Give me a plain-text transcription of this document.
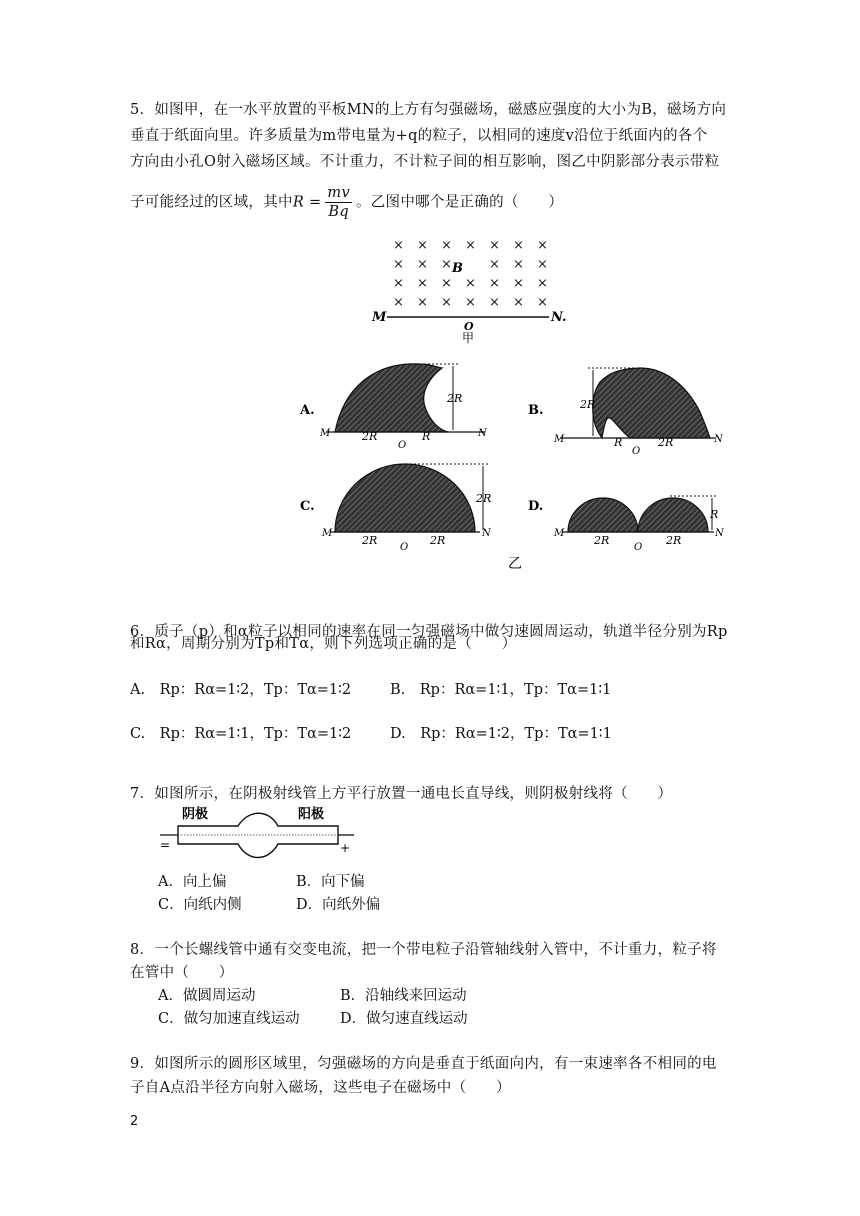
5．如图甲，在一水平放置的平板MN的上方有匀强磁场，磁感应强度的大小为B，磁场方向
垂直于纸面向里。许多质量为m带电量为+q的粒子，以相同的速度v沿位于纸面内的各个
方向由小孔O射入磁场区域。不计重力，不计粒子间的相互影响，图乙中阴影部分表示带粒
子可能经过的区域，其中$R = \frac{mv}{Bq}$ 。乙图中哪个是正确的（　　）
× × × × × × ×
× × ×	× × ×
× × × × × × ×
× × × × × × ×
B
M	N.
O
甲
A.
M	N
2R
2R	R
O
B.
M	N
2R
R	2R
O
C.
M	N
2R
2R	2R
O
D.
M	N
R
2R	2R
O
乙
6．质子（p）和α粒子以相同的速率在同一匀强磁场中做匀速圆周运动，轨道半径分别为Rp
和Rα，周期分别为Tp和Tα，则下列选项正确的是（　　）
A.　Rp：Rα=1∶2，Tp：Tα=1∶2	B.　Rp：Rα=1∶1，Tp：Tα=1∶1
C.　Rp：Rα=1∶1，Tp：Tα=1∶2	D.　Rp：Rα=1∶2，Tp：Tα=1∶1
7．如图所示，在阴极射线管上方平行放置一通电长直导线，则阴极射线将（　　）
阴极	阳极
=	+
A．向上偏	B．向下偏
C．向纸内侧	D．向纸外偏
8．一个长螺线管中通有交变电流，把一个带电粒子沿管轴线射入管中，不计重力，粒子将
在管中（　　）
A．做圆周运动	B．沿轴线来回运动
C．做匀加速直线运动	D．做匀速直线运动
9．如图所示的圆形区域里，匀强磁场的方向是垂直于纸面向内，有一束速率各不相同的电
子自A点沿半径方向射入磁场，这些电子在磁场中（　　）
2
